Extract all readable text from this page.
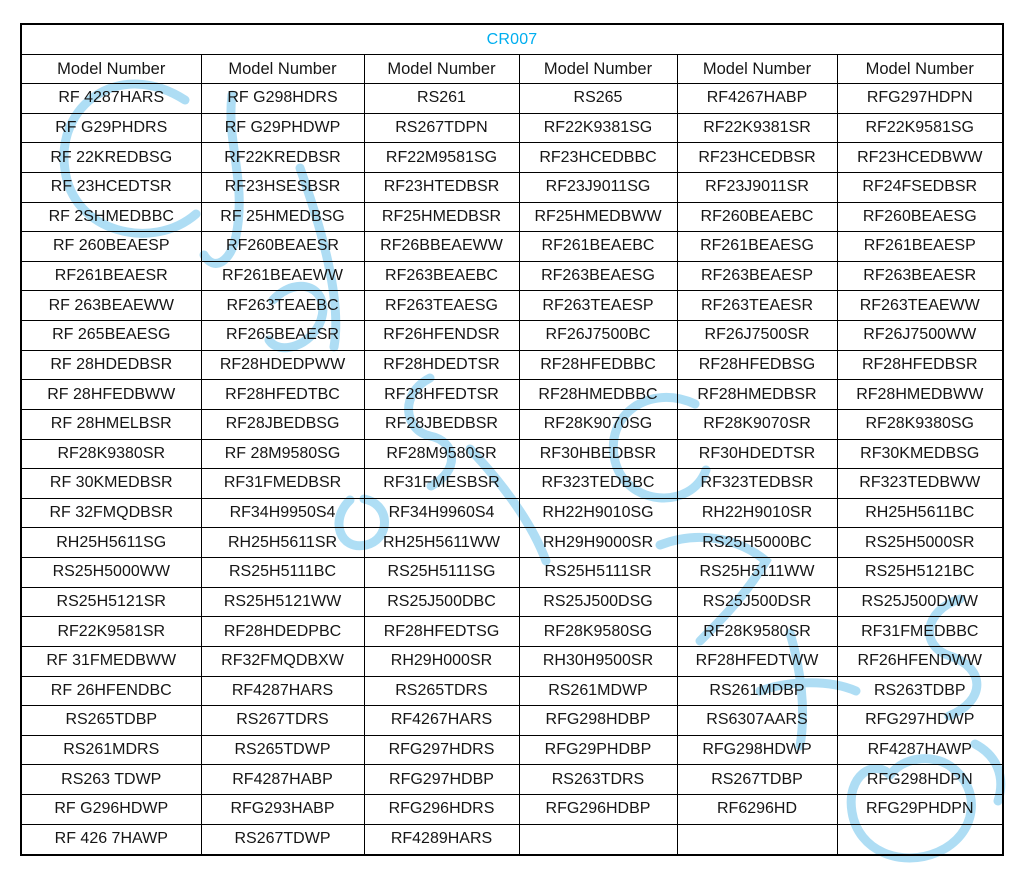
CR007					
Model Number	Model Number	Model Number	Model Number	Model Number	Model Number
RF 4287HARS	RF G298HDRS	RS261	RS265	RF4267HABP	RFG297HDPN
RF G29PHDRS	RF G29PHDWP	RS267TDPN	RF22K9381SG	RF22K9381SR	RF22K9581SG
RF 22KREDBSG	RF22KREDBSR	RF22M9581SG	RF23HCEDBBC	RF23HCEDBSR	RF23HCEDBWW
RF 23HCEDTSR	RF23HSESBSR	RF23HTEDBSR	RF23J9011SG	RF23J9011SR	RF24FSEDBSR
RF 2SHMEDBBC	RF 25HMEDBSG	RF25HMEDBSR	RF25HMEDBWW	RF260BEAEBC	RF260BEAESG
RF 260BEAESP	RF260BEAESR	RF26BBEAEWW	RF261BEAEBC	RF261BEAESG	RF261BEAESP
RF261BEAESR	RF261BEAEWW	RF263BEAEBC	RF263BEAESG	RF263BEAESP	RF263BEAESR
RF 263BEAEWW	RF263TEAEBC	RF263TEAESG	RF263TEAESP	RF263TEAESR	RF263TEAEWW
RF 265BEAESG	RF265BEAESR	RF26HFENDSR	RF26J7500BC	RF26J7500SR	RF26J7500WW
RF 28HDEDBSR	RF28HDEDPWW	RF28HDEDTSR	RF28HFEDBBC	RF28HFEDBSG	RF28HFEDBSR
RF 28HFEDBWW	RF28HFEDTBC	RF28HFEDTSR	RF28HMEDBBC	RF28HMEDBSR	RF28HMEDBWW
RF 28HMELBSR	RF28JBEDBSG	RF28JBEDBSR	RF28K9070SG	RF28K9070SR	RF28K9380SG
RF28K9380SR	RF 28M9580SG	RF28M9580SR	RF30HBEDBSR	RF30HDEDTSR	RF30KMEDBSG
RF 30KMEDBSR	RF31FMEDBSR	RF31FMESBSR	RF323TEDBBC	RF323TEDBSR	RF323TEDBWW
RF 32FMQDBSR	RF34H9950S4	RF34H9960S4	RH22H9010SG	RH22H9010SR	RH25H5611BC
RH25H5611SG	RH25H5611SR	RH25H5611WW	RH29H9000SR	RS25H5000BC	RS25H5000SR
RS25H5000WW	RS25H5111BC	RS25H5111SG	RS25H5111SR	RS25H5111WW	RS25H5121BC
RS25H5121SR	RS25H5121WW	RS25J500DBC	RS25J500DSG	RS25J500DSR	RS25J500DWW
RF22K9581SR	RF28HDEDPBC	RF28HFEDTSG	RF28K9580SG	RF28K9580SR	RF31FMEDBBC
RF 31FMEDBWW	RF32FMQDBXW	RH29H000SR	RH30H9500SR	RF28HFEDTWW	RF26HFENDWW
RF 26HFENDBC	RF4287HARS	RS265TDRS	RS261MDWP	RS261MDBP	RS263TDBP
RS265TDBP	RS267TDRS	RF4267HARS	RFG298HDBP	RS6307AARS	RFG297HDWP
RS261MDRS	RS265TDWP	RFG297HDRS	RFG29PHDBP	RFG298HDWP	RF4287HAWP
RS263 TDWP	RF4287HABP	RFG297HDBP	RS263TDRS	RS267TDBP	RFG298HDPN
RF G296HDWP	RFG293HABP	RFG296HDRS	RFG296HDBP	RF6296HD	RFG29PHDPN
RF 426 7HAWP	RS267TDWP	RF4289HARS			
